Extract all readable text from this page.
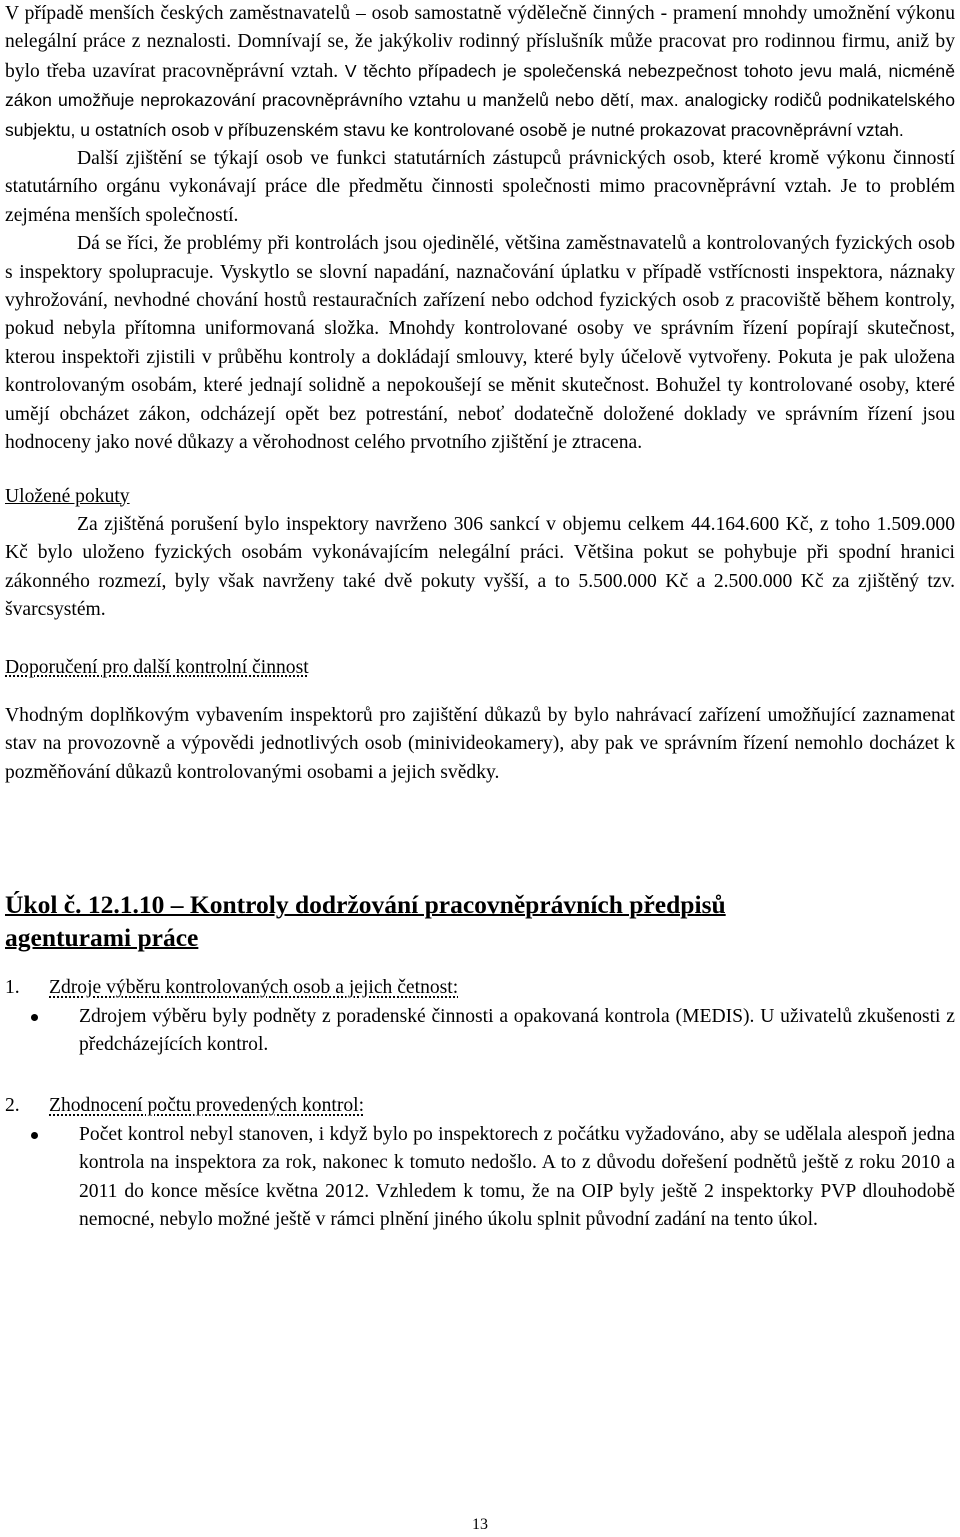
V případě menších českých zaměstnavatelů – osob samostatně výdělečně činných - pramení mnohdy umožnění výkonu nelegální práce z neznalosti. Domnívají se, že jakýkoliv rodinný příslušník může pracovat pro rodinnou firmu, aniž by bylo třeba uzavírat pracovněprávní vztah. V těchto případech je společenská nebezpečnost tohoto jevu malá, nicméně zákon umožňuje neprokazování pracovněprávního vztahu u manželů nebo dětí, max. analogicky rodičů podnikatelského subjektu, u ostatních osob v příbuzenském stavu ke kontrolované osobě je nutné prokazovat pracovněprávní vztah.

Další zjištění se týkají osob ve funkci statutárních zástupců právnických osob, které kromě výkonu činností statutárního orgánu vykonávají práce dle předmětu činnosti společnosti mimo pracovněprávní vztah. Je to problém zejména menších společností.

Dá se říci, že problémy při kontrolách jsou ojedinělé, většina zaměstnavatelů a kontrolovaných fyzických osob s inspektory spolupracuje. Vyskytlo se slovní napadání, naznačování úplatku v případě vstřícnosti inspektora, náznaky vyhrožování, nevhodné chování hostů restauračních zařízení nebo odchod fyzických osob z pracoviště během kontroly, pokud nebyla přítomna uniformovaná složka. Mnohdy kontrolované osoby ve správním řízení popírají skutečnost, kterou inspektoři zjistili v průběhu kontroly a dokládají smlouvy, které byly účelově vytvořeny. Pokuta je pak uložena kontrolovaným osobám, které jednají solidně a nepokoušejí se měnit skutečnost. Bohužel ty kontrolované osoby, které umějí obcházet zákon, odcházejí opět bez potrestání, neboť dodatečně doložené doklady ve správním řízení jsou hodnoceny jako nové důkazy a věrohodnost celého prvotního zjištění je ztracena.

Uložené pokuty

Za zjištěná porušení bylo inspektory navrženo 306 sankcí v objemu celkem 44.164.600 Kč, z toho 1.509.000 Kč bylo uloženo fyzických osobám vykonávajícím nelegální práci. Většina pokut se pohybuje při spodní hranici zákonného rozmezí, byly však navrženy také dvě pokuty vyšší, a to 5.500.000 Kč a 2.500.000 Kč za zjištěný tzv. švarcsystém.

Doporučení pro další kontrolní činnost

Vhodným doplňkovým vybavením inspektorů pro zajištění důkazů by bylo nahrávací zařízení umožňující zaznamenat stav na provozovně a výpovědi jednotlivých osob (minivideokamery), aby pak ve správním řízení nemohlo docházet k pozměňování důkazů kontrolovanými osobami a jejich svědky.

Úkol č. 12.1.10 – Kontroly dodržování pracovněprávních předpisů
agenturami práce
1.	Zdroje výběru kontrolovaných osob a jejich četnost:
Zdrojem výběru byly podněty z poradenské činnosti a opakovaná kontrola (MEDIS). U uživatelů zkušenosti z předcházejících kontrol.
2.	Zhodnocení počtu provedených kontrol:
Počet kontrol nebyl stanoven, i když bylo po inspektorech z počátku vyžadováno, aby se udělala alespoň jedna kontrola na inspektora za rok, nakonec k tomuto nedošlo. A to z důvodu dořešení podnětů ještě z roku 2010 a 2011 do konce měsíce května 2012. Vzhledem k tomu, že na OIP byly ještě 2 inspektorky PVP dlouhodobě nemocné, nebylo možné ještě v rámci plnění jiného úkolu splnit původní zadání na tento úkol.
13
